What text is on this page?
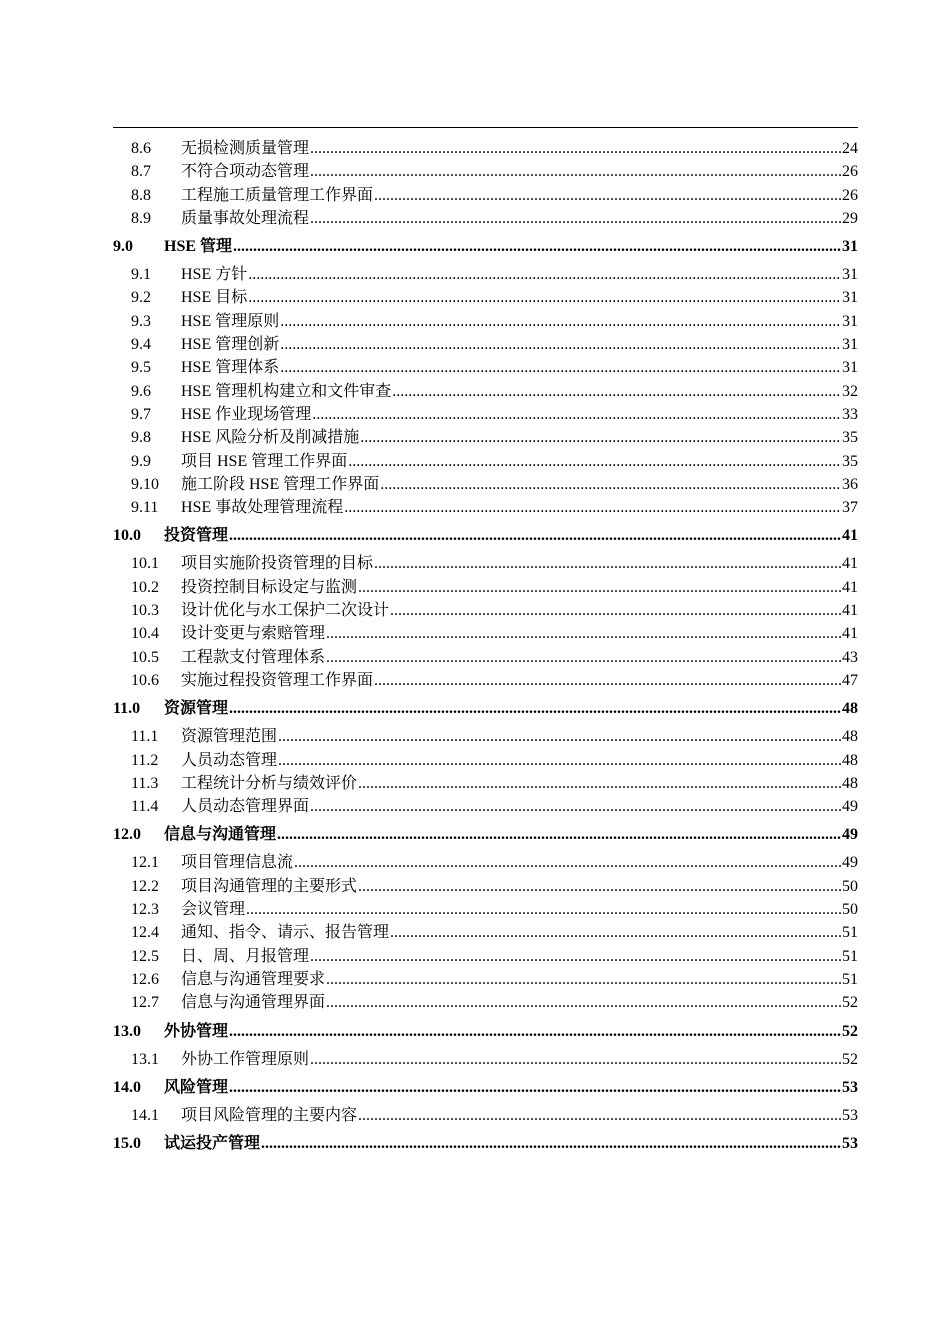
8.6	无损检测质量管理 .....	24
8.7	不符合项动态管理 .....	26
8.8	工程施工质量管理工作界面 .....	26
8.9	质量事故处理流程 .....	29
9.0	HSE 管理 .....	31
9.1	HSE 方针 .....	31
9.2	HSE 目标 .....	31
9.3	HSE 管理原则 .....	31
9.4	HSE 管理创新 .....	31
9.5	HSE 管理体系 .....	31
9.6	HSE 管理机构建立和文件审查 .....	32
9.7	HSE 作业现场管理 .....	33
9.8	HSE 风险分析及削减措施 .....	35
9.9	项目 HSE 管理工作界面 .....	35
9.10	施工阶段 HSE 管理工作界面 .....	36
9.11	HSE 事故处理管理流程 .....	37
10.0	投资管理 .....	41
10.1	项目实施阶投资管理的目标 .....	41
10.2	投资控制目标设定与监测 .....	41
10.3	设计优化与水工保护二次设计 .....	41
10.4	设计变更与索赔管理 .....	41
10.5	工程款支付管理体系 .....	43
10.6	实施过程投资管理工作界面 .....	47
11.0	资源管理 .....	48
11.1	资源管理范围 .....	48
11.2	人员动态管理 .....	48
11.3	工程统计分析与绩效评价 .....	48
11.4	人员动态管理界面 .....	49
12.0	信息与沟通管理 .....	49
12.1	项目管理信息流 .....	49
12.2	项目沟通管理的主要形式 .....	50
12.3	会议管理 .....	50
12.4	通知、指令、请示、报告管理 .....	51
12.5	日、周、月报管理 .....	51
12.6	信息与沟通管理要求 .....	51
12.7	信息与沟通管理界面 .....	52
13.0	外协管理 .....	52
13.1	外协工作管理原则 .....	52
14.0	风险管理 .....	53
14.1	项目风险管理的主要内容 .....	53
15.0	试运投产管理 .....	53
